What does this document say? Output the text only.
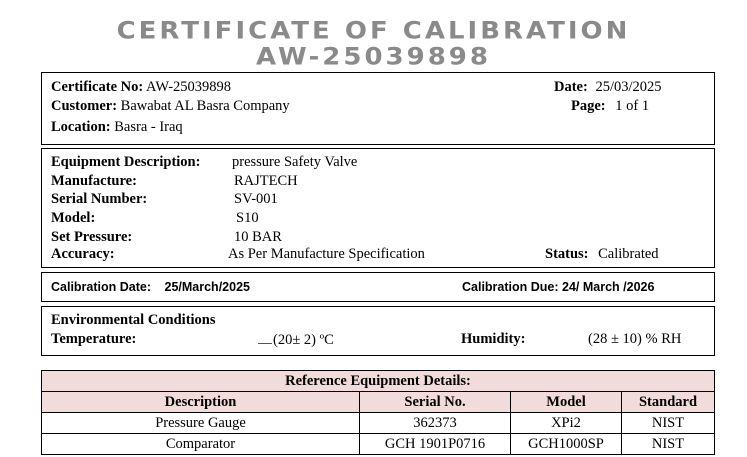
CERTIFICATE OF CALIBRATION
AW-25039898
Certificate No: AW-25039898
Customer: Bawabat AL Basra Company
Location: Basra - Iraq
Date: 25/03/2025
Page: 1 of 1
Equipment Description: pressure Safety Valve
Manufacture:	RAJTECH
Serial Number:	SV-001
Model:	S10
Set Pressure:	10 BAR
Accuracy:	As Per Manufacture Specification	Status: Calibrated
Calibration Date: 25/March/2025	Calibration Due: 24/ March /2026
Environmental Conditions
Temperature:	(20± 2) ºC	Humidity:	(28 ± 10) % RH
Reference Equipment Details:			
Description	Serial No.	Model	Standard
Pressure Gauge	362373	XPi2	NIST
Comparator	GCH 1901P0716	GCH1000SP	NIST
